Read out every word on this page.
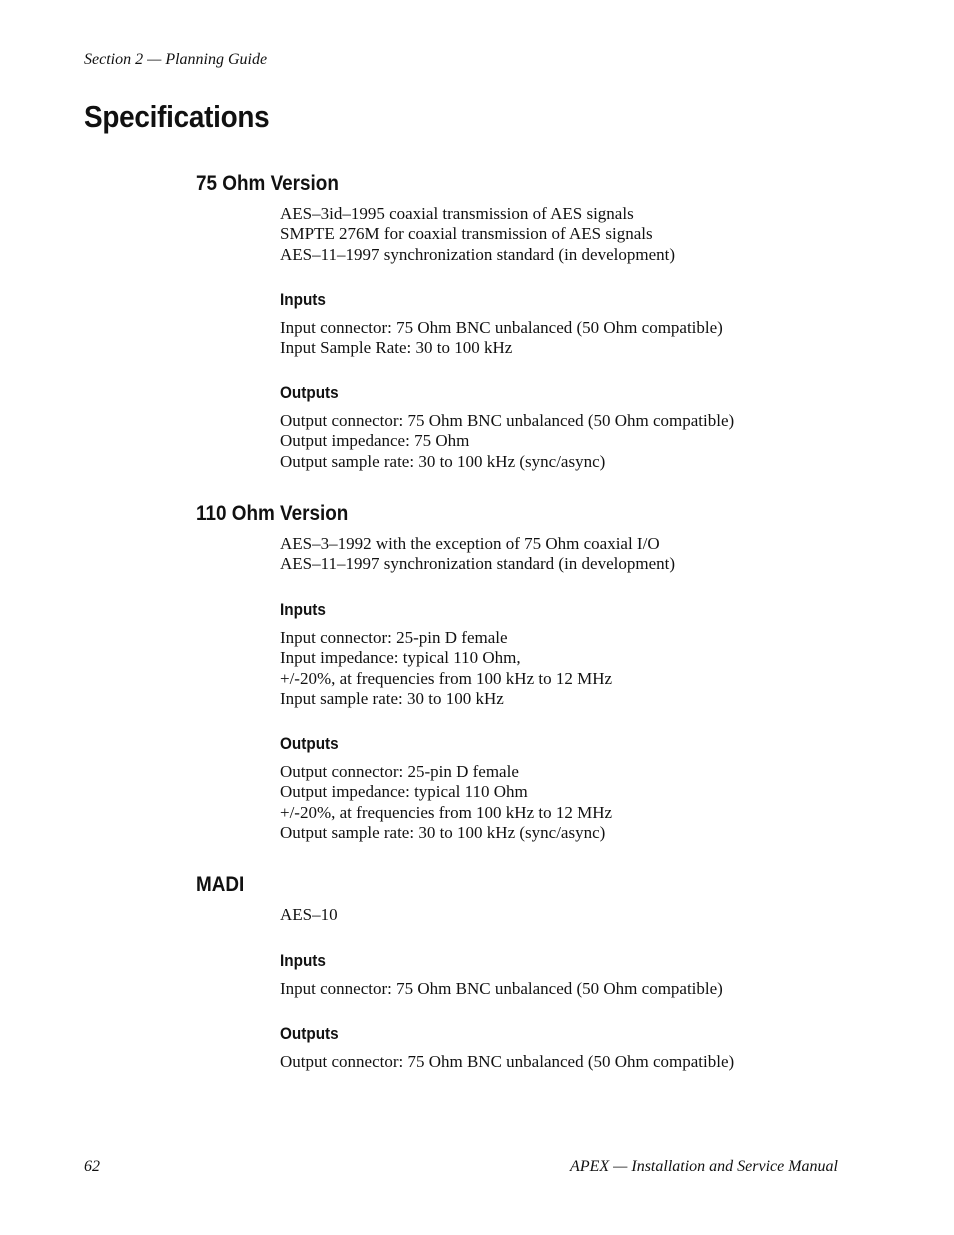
Section 2 — Planning Guide
Specifications
75 Ohm Version
AES–3id–1995 coaxial transmission of AES signals
SMPTE 276M for coaxial transmission of AES signals
AES–11–1997 synchronization standard (in development)
Inputs
Input connector: 75 Ohm BNC unbalanced (50 Ohm compatible)
Input Sample Rate: 30 to 100 kHz
Outputs
Output connector: 75 Ohm BNC unbalanced (50 Ohm compatible)
Output impedance: 75 Ohm
Output sample rate: 30 to 100 kHz (sync/async)
110 Ohm Version
AES–3–1992 with the exception of 75 Ohm coaxial I/O
AES–11–1997 synchronization standard (in development)
Inputs
Input connector: 25-pin D female
Input impedance: typical 110 Ohm,
+/-20%, at frequencies from 100 kHz to 12 MHz
Input sample rate: 30 to 100 kHz
Outputs
Output connector: 25-pin D female
Output impedance: typical 110 Ohm
+/-20%, at frequencies from 100 kHz to 12 MHz
Output sample rate: 30 to 100 kHz (sync/async)
MADI
AES–10
Inputs
Input connector: 75 Ohm BNC unbalanced (50 Ohm compatible)
Outputs
Output connector: 75 Ohm BNC unbalanced (50 Ohm compatible)
62	APEX — Installation and Service Manual
